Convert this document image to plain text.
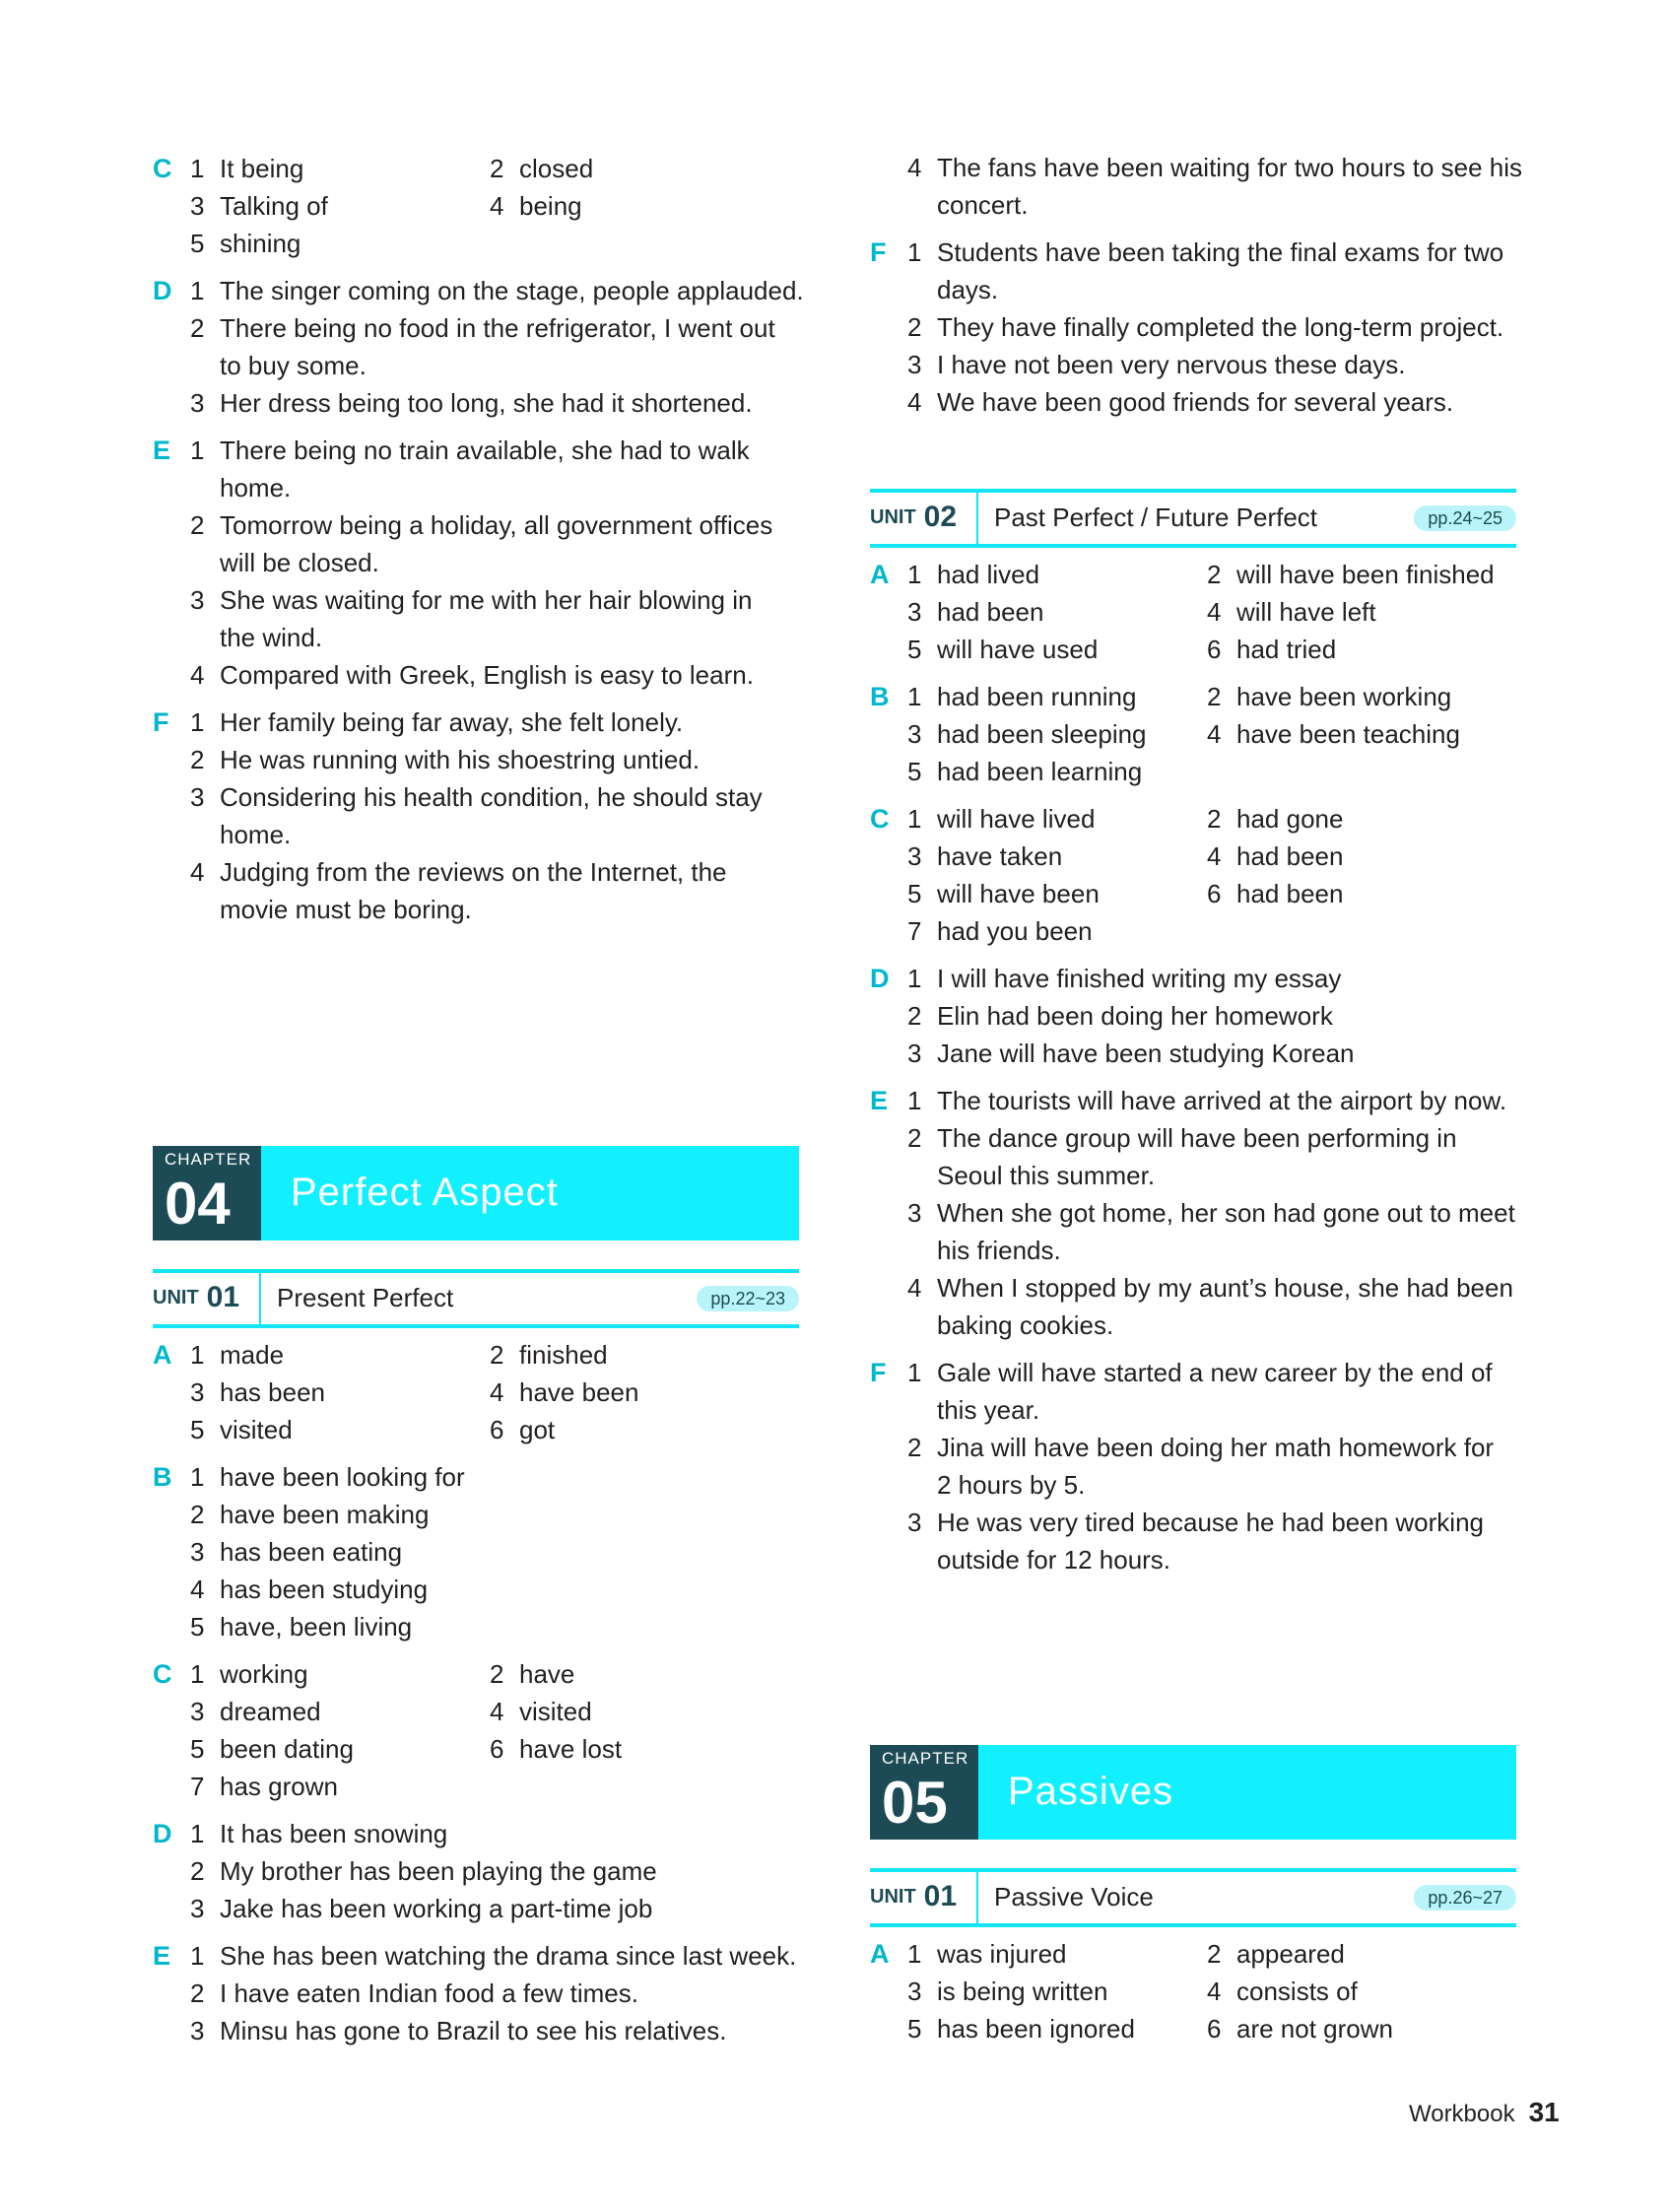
C 1 It being	2 closed
3 Talking of	4 being
5 shining
D 1 The singer coming on the stage, people applauded.
2 There being no food in the refrigerator, I went out
to buy some.
3 Her dress being too long, she had it shortened.
E 1 There being no train available, she had to walk
home.
2 Tomorrow being a holiday, all government offices
will be closed.
3 She was waiting for me with her hair blowing in
the wind.
4 Compared with Greek, English is easy to learn.
F 1 Her family being far away, she felt lonely.
2 He was running with his shoestring untied.
3 Considering his health condition, he should stay
home.
4 Judging from the reviews on the Internet, the
movie must be boring.
CHAPTER
04 Perfect Aspect
UNIT 01 Present Perfect	pp.22~23
A 1 made	2 finished
3 has been	4 have been
5 visited	6 got
B 1 have been looking for
2 have been making
3 has been eating
4 has been studying
5 have, been living
C 1 working	2 have
3 dreamed	4 visited
5 been dating	6 have lost
7 has grown
D 1 It has been snowing
2 My brother has been playing the game
3 Jake has been working a part-time job
E 1 She has been watching the drama since last week.
2 I have eaten Indian food a few times.
3 Minsu has gone to Brazil to see his relatives.
4 The fans have been waiting for two hours to see his
concert.
F 1 Students have been taking the final exams for two
days.
2 They have finally completed the long-term project.
3 I have not been very nervous these days.
4 We have been good friends for several years.
UNIT 02 Past Perfect / Future Perfect	pp.24~25
A 1 had lived	2 will have been finished
3 had been	4 will have left
5 will have used	6 had tried
B 1 had been running	2 have been working
3 had been sleeping 4 have been teaching
5 had been learning
C 1 will have lived	2 had gone
3 have taken	4 had been
5 will have been	6 had been
7 had you been
D 1 I will have finished writing my essay
2 Elin had been doing her homework
3 Jane will have been studying Korean
E 1 The tourists will have arrived at the airport by now.
2 The dance group will have been performing in
Seoul this summer.
3 When she got home, her son had gone out to meet
his friends.
4 When I stopped by my aunt’s house, she had been
baking cookies.
F 1 Gale will have started a new career by the end of
this year.
2 Jina will have been doing her math homework for
2 hours by 5.
3 He was very tired because he had been working
outside for 12 hours.
CHAPTER
05 Passives
UNIT 01 Passive Voice	pp.26~27
A 1 was injured	2 appeared
3 is being written	4 consists of
5 has been ignored	6 are not grown
Workbook 31
